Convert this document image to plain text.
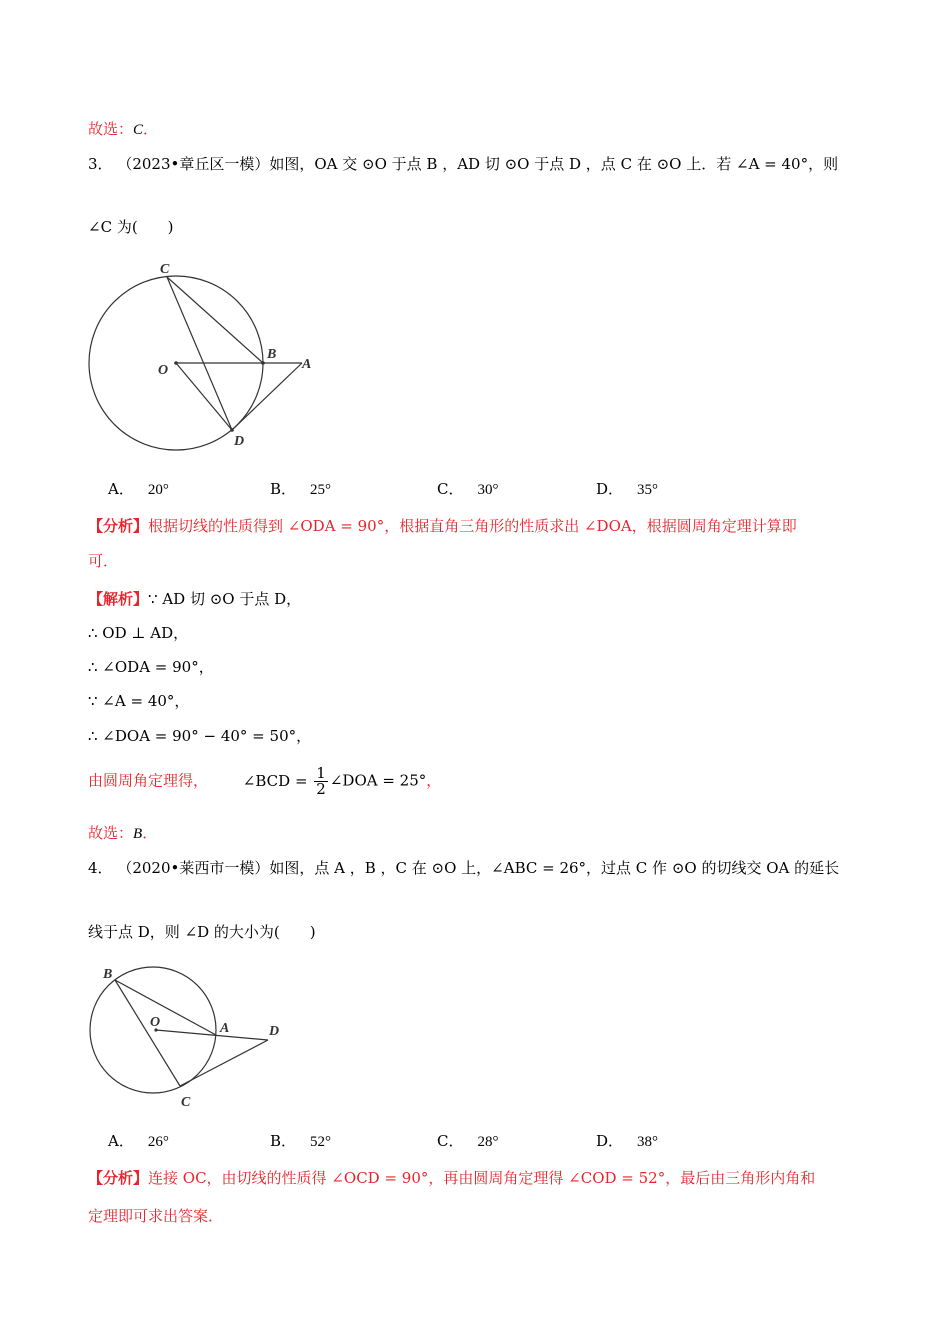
故选：C．
3． （2023•章丘区一模）如图，OA 交 ⊙O 于点 B ，AD 切 ⊙O 于点 D ，点 C 在 ⊙O 上．若 ∠A = 40°，则
∠C 为(　　)
C
B
A
O
D
A． 20°	B． 25°	C． 30°	D． 35°
【分析】根据切线的性质得到 ∠ODA = 90°，根据直角三角形的性质求出 ∠DOA，根据圆周角定理计算即
可．
【解析】∵ AD 切 ⊙O 于点 D，
∴ OD ⊥ AD，
∴ ∠ODA = 90°，
∵ ∠A = 40°，
∴ ∠DOA = 90° − 40° = 50°，
由圆周角定理得， ∠BCD = $\frac{1}{2}$ ∠DOA = 25°，
故选：B．
4． （2020•莱西市一模）如图，点 A ，B ，C 在 ⊙O 上，∠ABC = 26°，过点 C 作 ⊙O 的切线交 OA 的延长
线于点 D，则 ∠D 的大小为(　　)
B
O	A	D
C
A． 26°	B． 52°	C． 28°	D． 38°
【分析】连接 OC，由切线的性质得 ∠OCD = 90°，再由圆周角定理得 ∠COD = 52°，最后由三角形内角和
定理即可求出答案．
